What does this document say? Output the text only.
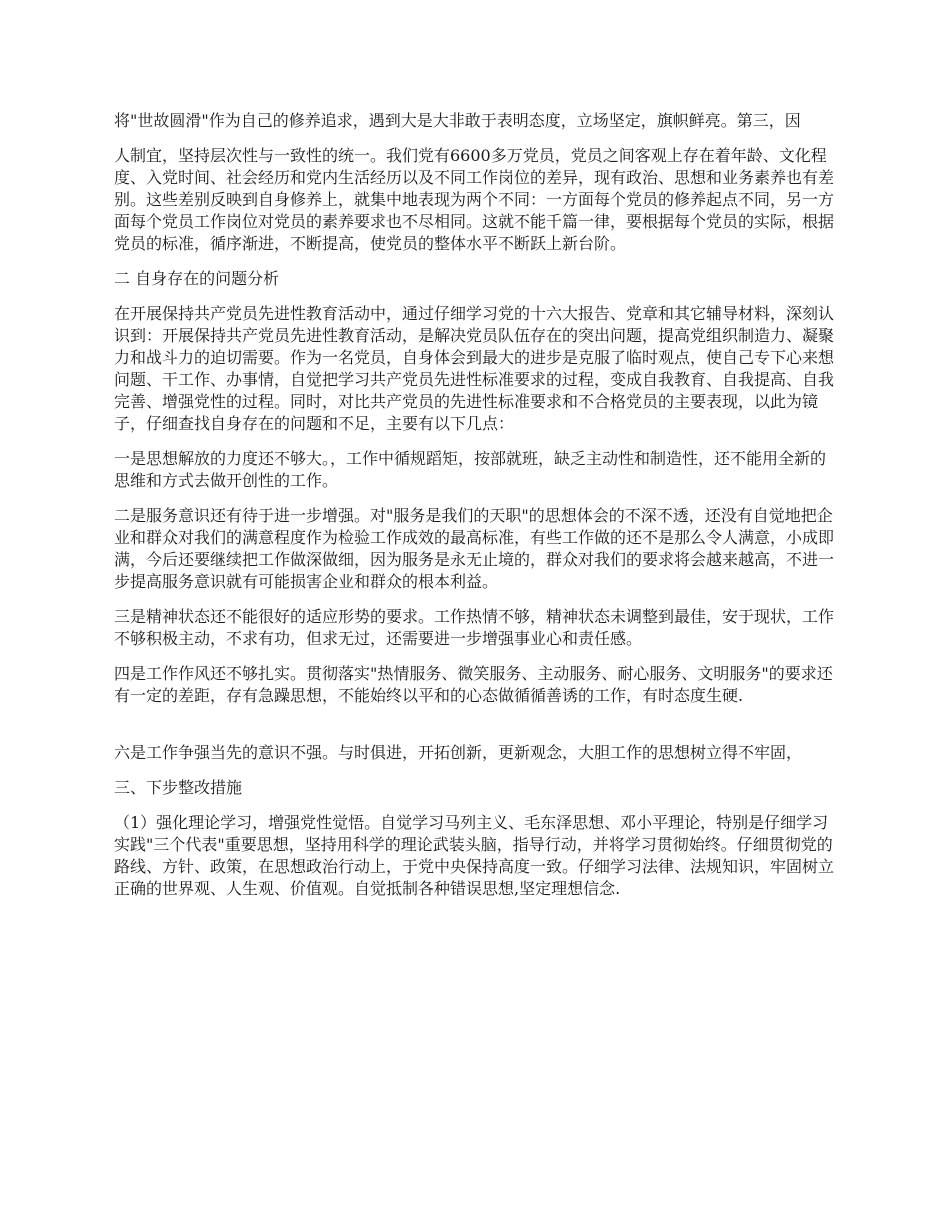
将"世故圆滑"作为自己的修养追求，遇到大是大非敢于表明态度，立场坚定，旗帜鲜亮。第三，因

人制宜，坚持层次性与一致性的统一。我们党有6600多万党员，党员之间客观上存在着年龄、文化程度、入党时间、社会经历和党内生活经历以及不同工作岗位的差异，现有政治、思想和业务素养也有差别。这些差别反映到自身修养上，就集中地表现为两个不同：一方面每个党员的修养起点不同，另一方面每个党员工作岗位对党员的素养要求也不尽相同。这就不能千篇一律，要根据每个党员的实际，根据党员的标准，循序渐进，不断提高，使党员的整体水平不断跃上新台阶。

二 自身存在的问题分析

在开展保持共产党员先进性教育活动中，通过仔细学习党的十六大报告、党章和其它辅导材料，深刻认识到：开展保持共产党员先进性教育活动，是解决党员队伍存在的突出问题，提高党组织制造力、凝聚力和战斗力的迫切需要。作为一名党员，自身体会到最大的进步是克服了临时观点，使自己专下心来想问题、干工作、办事情，自觉把学习共产党员先进性标准要求的过程，变成自我教育、自我提高、自我完善、增强党性的过程。同时，对比共产党员的先进性标准要求和不合格党员的主要表现，以此为镜子，仔细查找自身存在的问题和不足，主要有以下几点：

一是思想解放的力度还不够大。，工作中循规蹈矩，按部就班，缺乏主动性和制造性，还不能用全新的思维和方式去做开创性的工作。

二是服务意识还有待于进一步增强。对"服务是我们的天职"的思想体会的不深不透，还没有自觉地把企业和群众对我们的满意程度作为检验工作成效的最高标准，有些工作做的还不是那么令人满意，小成即满，今后还要继续把工作做深做细，因为服务是永无止境的，群众对我们的要求将会越来越高，不进一步提高服务意识就有可能损害企业和群众的根本利益。

三是精神状态还不能很好的适应形势的要求。工作热情不够，精神状态未调整到最佳，安于现状，工作不够积极主动，不求有功，但求无过，还需要进一步增强事业心和责任感。

四是工作作风还不够扎实。贯彻落实"热情服务、微笑服务、主动服务、耐心服务、文明服务"的要求还有一定的差距，存有急躁思想，不能始终以平和的心态做循循善诱的工作，有时态度生硬.

六是工作争强当先的意识不强。与时俱进，开拓创新，更新观念，大胆工作的思想树立得不牢固，

三、下步整改措施

（1）强化理论学习，增强党性觉悟。自觉学习马列主义、毛东泽思想、邓小平理论，特别是仔细学习实践"三个代表"重要思想，坚持用科学的理论武装头脑，指导行动，并将学习贯彻始终。仔细贯彻党的路线、方针、政策，在思想政治行动上，于党中央保持高度一致。仔细学习法律、法规知识，牢固树立正确的世界观、人生观、价值观。自觉抵制各种错误思想,坚定理想信念.
